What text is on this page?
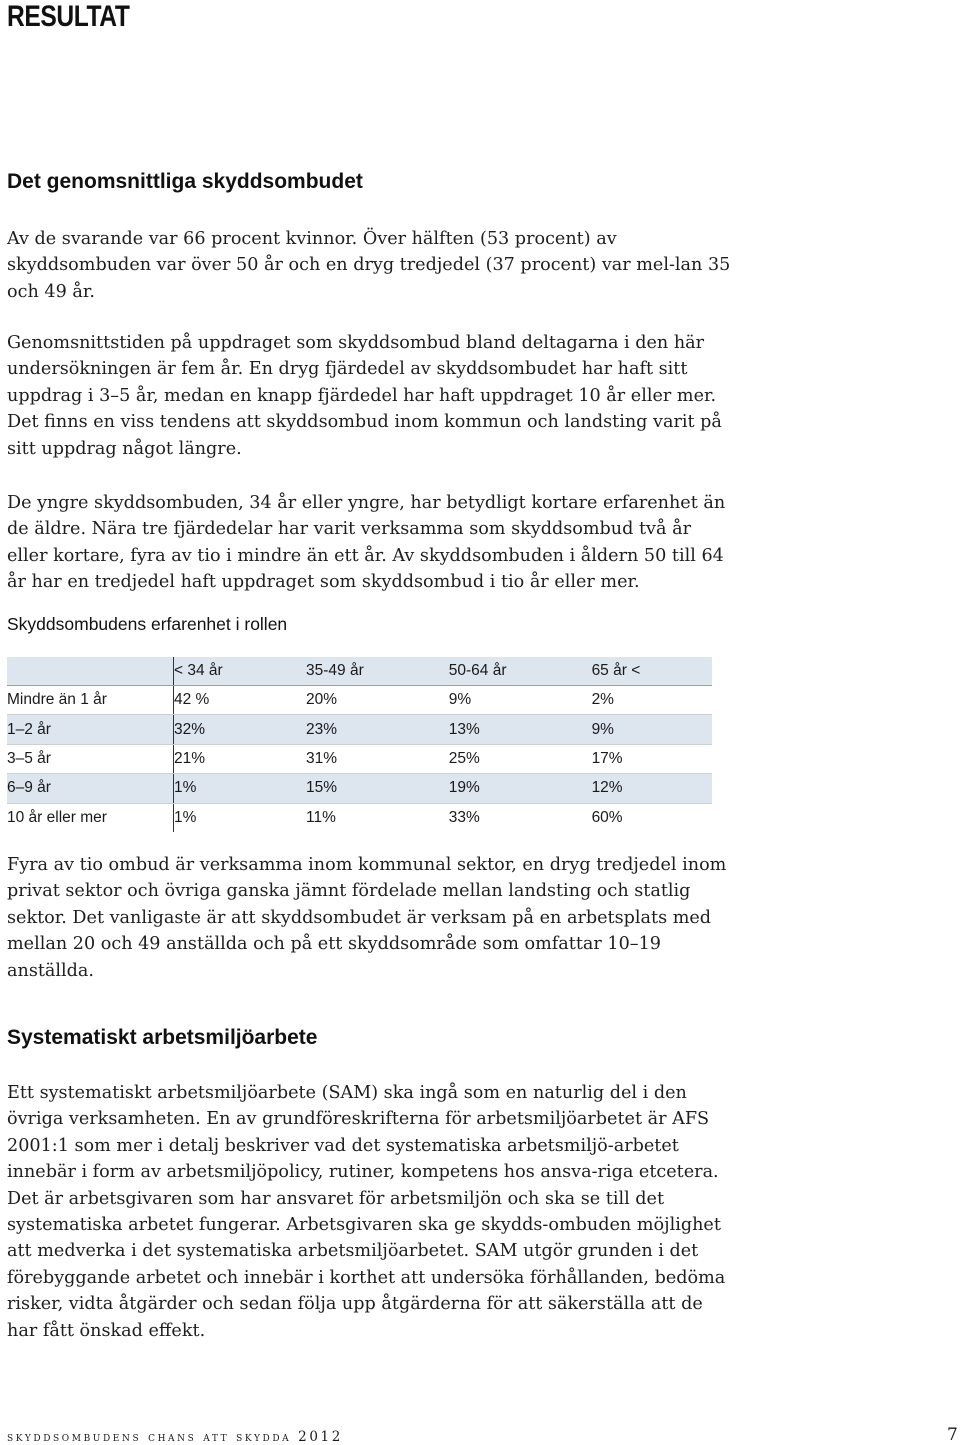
RESULTAT
Det genomsnittliga skyddsombudet

Av de svarande var 66 procent kvinnor. Över hälften (53 procent) av skyddsombuden var över 50 år och en dryg tredjedel (37 procent) var mel-lan 35 och 49 år.

Genomsnittstiden på uppdraget som skyddsombud bland deltagarna i den här undersökningen är fem år. En dryg fjärdedel av skyddsombudet har haft sitt uppdrag i 3–5 år, medan en knapp fjärdedel har haft uppdraget 10 år eller mer. Det finns en viss tendens att skyddsombud inom kommun och landsting varit på sitt uppdrag något längre.

De yngre skyddsombuden, 34 år eller yngre, har betydligt kortare erfarenhet än de äldre. Nära tre fjärdedelar har varit verksamma som skyddsombud två år eller kortare, fyra av tio i mindre än ett år. Av skyddsombuden i åldern 50 till 64 år har en tredjedel haft uppdraget som skyddsombud i tio år eller mer.

Skyddsombudens erfarenhet i rollen
	< 34 år	35-49 år	50-64 år	65 år <
Mindre än 1 år	42 %	20%	9%	2%
1–2 år	32%	23%	13%	9%
3–5 år	21%	31%	25%	17%
6–9 år	1%	15%	19%	12%
10 år eller mer	1%	11%	33%	60%

Fyra av tio ombud är verksamma inom kommunal sektor, en dryg tredjedel inom privat sektor och övriga ganska jämnt fördelade mellan landsting och statlig sektor. Det vanligaste är att skyddsombudet är verksam på en arbetsplats med mellan 20 och 49 anställda och på ett skyddsområde som omfattar 10–19 anställda.

Systematiskt arbetsmiljöarbete

Ett systematiskt arbetsmiljöarbete (SAM) ska ingå som en naturlig del i den övriga verksamheten. En av grundföreskrifterna för arbetsmiljöarbetet är AFS 2001:1 som mer i detalj beskriver vad det systematiska arbetsmiljö-arbetet innebär i form av arbetsmiljöpolicy, rutiner, kompetens hos ansva-riga etcetera. Det är arbetsgivaren som har ansvaret för arbetsmiljön och ska se till det systematiska arbetet fungerar. Arbetsgivaren ska ge skydds-ombuden möjlighet att medverka i det systematiska arbetsmiljöarbetet. SAM utgör grunden i det förebyggande arbetet och innebär i korthet att undersöka förhållanden, bedöma risker, vidta åtgärder och sedan följa upp åtgärderna för att säkerställa att de har fått önskad effekt.

skyddsombudens chans att skydda 2012	7
